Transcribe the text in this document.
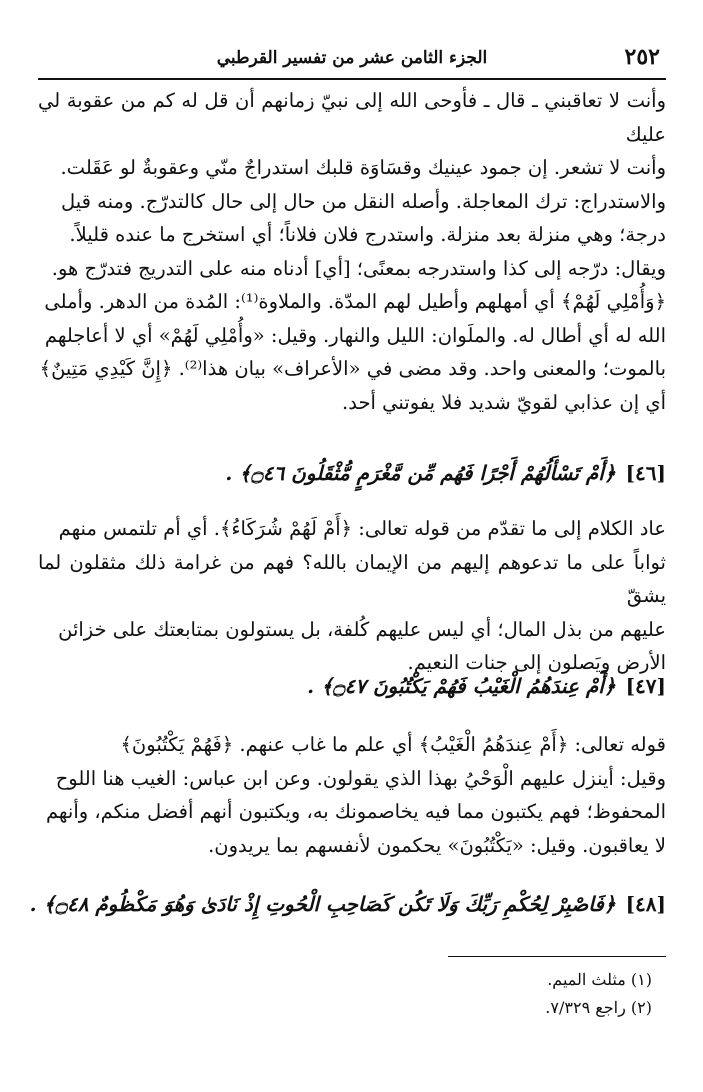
٢٥٢
الجزء الثامن عشر من تفسير القرطبي

وأنت لا تعاقبني ـ قال ـ فأوحى الله إلى نبيّ زمانهم أن قل له كم من عقوبة لي عليك

وأنت لا تشعر. إن جمود عينيك وقسَاوَة قلبك استدراجٌ منّي وعقوبةٌ لو عَقَلت.

والاستدراج: ترك المعاجلة. وأصله النقل من حال إلى حال كالتدرّج. ومنه قيل

درجة؛ وهي منزلة بعد منزلة. واستدرج فلان فلاناً؛ أي استخرج ما عنده قليلاً.

ويقال: درّجه إلى كذا واستدرجه بمعنًى؛ [أي] أدناه منه على التدريج فتدرّج هو.

﴿وَأُمْلِي لَهُمْ﴾ أي أمهلهم وأطيل لهم المدّة. والملاوة⁽¹⁾: المُدة من الدهر. وأملى

الله له أي أطال له. والملَوان: الليل والنهار. وقيل: «وأُمْلِي لَهُمْ» أي لا أعاجلهم

بالموت؛ والمعنى واحد. وقد مضى في «الأعراف» بيان هذا⁽²⁾. ﴿إِنَّ كَيْدِي مَتِينٌ﴾

أي إن عذابي لقويّ شديد فلا يفوتني أحد.

[٤٦]﴿أَمْ تَسْأَلُهُمْ أَجْرًا فَهُم مِّن مَّغْرَمٍ مُّثْقَلُونَ ۝٤٦﴾ .

عاد الكلام إلى ما تقدّم من قوله تعالى: ﴿أَمْ لَهُمْ شُرَكَاءُ﴾. أي أم تلتمس منهم

ثواباً على ما تدعوهم إليهم من الإيمان بالله؟ فهم من غرامة ذلك مثقلون لما يشقّ

عليهم من بذل المال؛ أي ليس عليهم كُلفة، بل يستولون بمتابعتك على خزائن

الأرض ويَصلون إلى جنات النعيم.

[٤٧]﴿أَمْ عِندَهُمُ الْغَيْبُ فَهُمْ يَكْتُبُونَ ۝٤٧﴾ .

قوله تعالى: ﴿أَمْ عِندَهُمُ الْغَيْبُ﴾ أي علم ما غاب عنهم. ﴿فَهُمْ يَكْتُبُونَ﴾

وقيل: أينزل عليهم الْوَحْيُ بهذا الذي يقولون. وعن ابن عباس: الغيب هنا اللوح

المحفوظ؛ فهم يكتبون مما فيه يخاصمونك به، ويكتبون أنهم أفضل منكم، وأنهم

لا يعاقبون. وقيل: «يَكْتُبُونَ» يحكمون لأنفسهم بما يريدون.

[٤٨]﴿فَاصْبِرْ لِحُكْمِ رَبِّكَ وَلَا تَكُن كَصَاحِبِ الْحُوتِ إِذْ نَادَىٰ وَهُوَ مَكْظُومٌ ۝٤٨﴾ .
(١) مثلث الميم.
(٢) راجع ٧/٣٢٩.
